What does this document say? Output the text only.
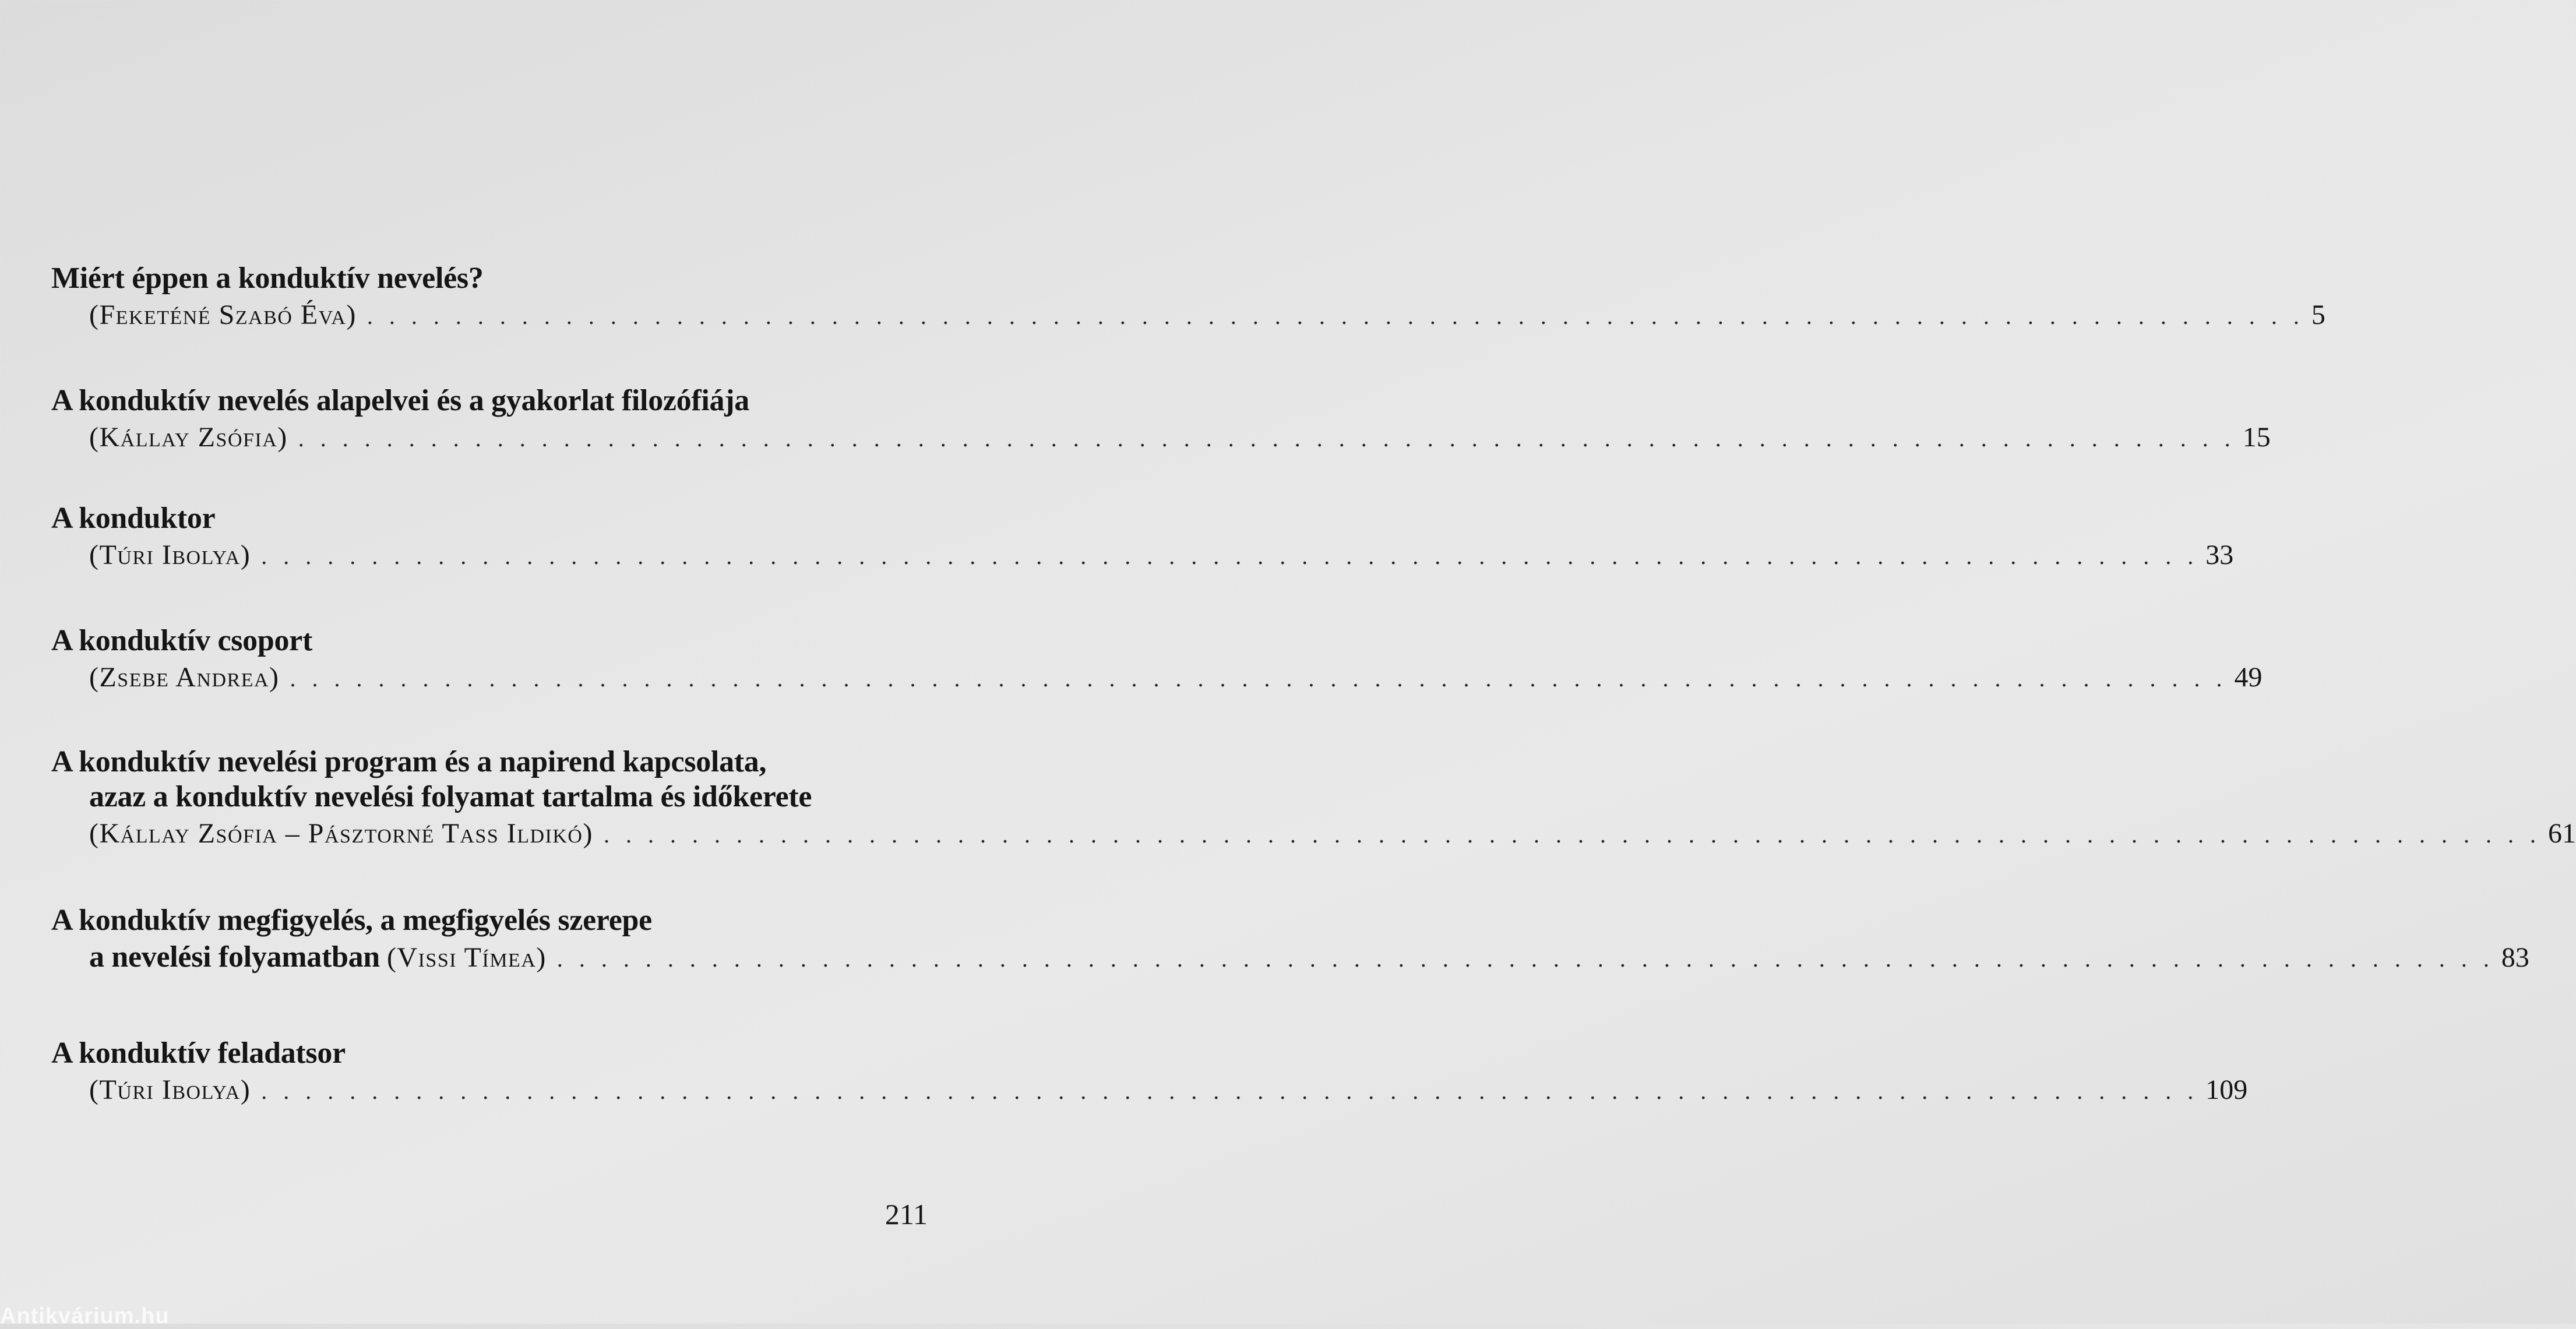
Miért éppen a konduktív nevelés?
(Feketéné Szabó Éva) . . . . . . . . . . . . . . . . . . . . . . . . . . . . . . . . . . . . . . . . . . . . . . . . . . . . . . . . . . . . . . . . . . . . . . . . . . . . . . . . . . . . . . . . 5
A konduktív nevelés alapelvei és a gyakorlat filozófiája
(Kállay Zsófia) . . . . . . . . . . . . . . . . . . . . . . . . . . . . . . . . . . . . . . . . . . . . . . . . . . . . . . . . . . . . . . . . . . . . . . . . . . . . . . . . . . . . . . . . 15
A konduktor
(Túri Ibolya) . . . . . . . . . . . . . . . . . . . . . . . . . . . . . . . . . . . . . . . . . . . . . . . . . . . . . . . . . . . . . . . . . . . . . . . . . . . . . . . . . . . . . . . . 33
A konduktív csoport
(Zsebe Andrea) . . . . . . . . . . . . . . . . . . . . . . . . . . . . . . . . . . . . . . . . . . . . . . . . . . . . . . . . . . . . . . . . . . . . . . . . . . . . . . . . . . . . . . . . 49
A konduktív nevelési program és a napirend kapcsolata,
azaz a konduktív nevelési folyamat tartalma és időkerete
(Kállay Zsófia – Pásztorné Tass Ildikó) . . . . . . . . . . . . . . . . . . . . . . . . . . . . . . . . . . . . . . . . . . . . . . . . . . . . . . . . . . . . . . . . . . . . . . . . . . . . . . . . . . . . . . . . 61
A konduktív megfigyelés, a megfigyelés szerepe
a nevelési folyamatban (Vissi Tímea) . . . . . . . . . . . . . . . . . . . . . . . . . . . . . . . . . . . . . . . . . . . . . . . . . . . . . . . . . . . . . . . . . . . . . . . . . . . . . . . . . . . . . . . . 83
A konduktív feladatsor
(Túri Ibolya) . . . . . . . . . . . . . . . . . . . . . . . . . . . . . . . . . . . . . . . . . . . . . . . . . . . . . . . . . . . . . . . . . . . . . . . . . . . . . . . . . . . . . . . . 109
211
Antikvárium.hu
